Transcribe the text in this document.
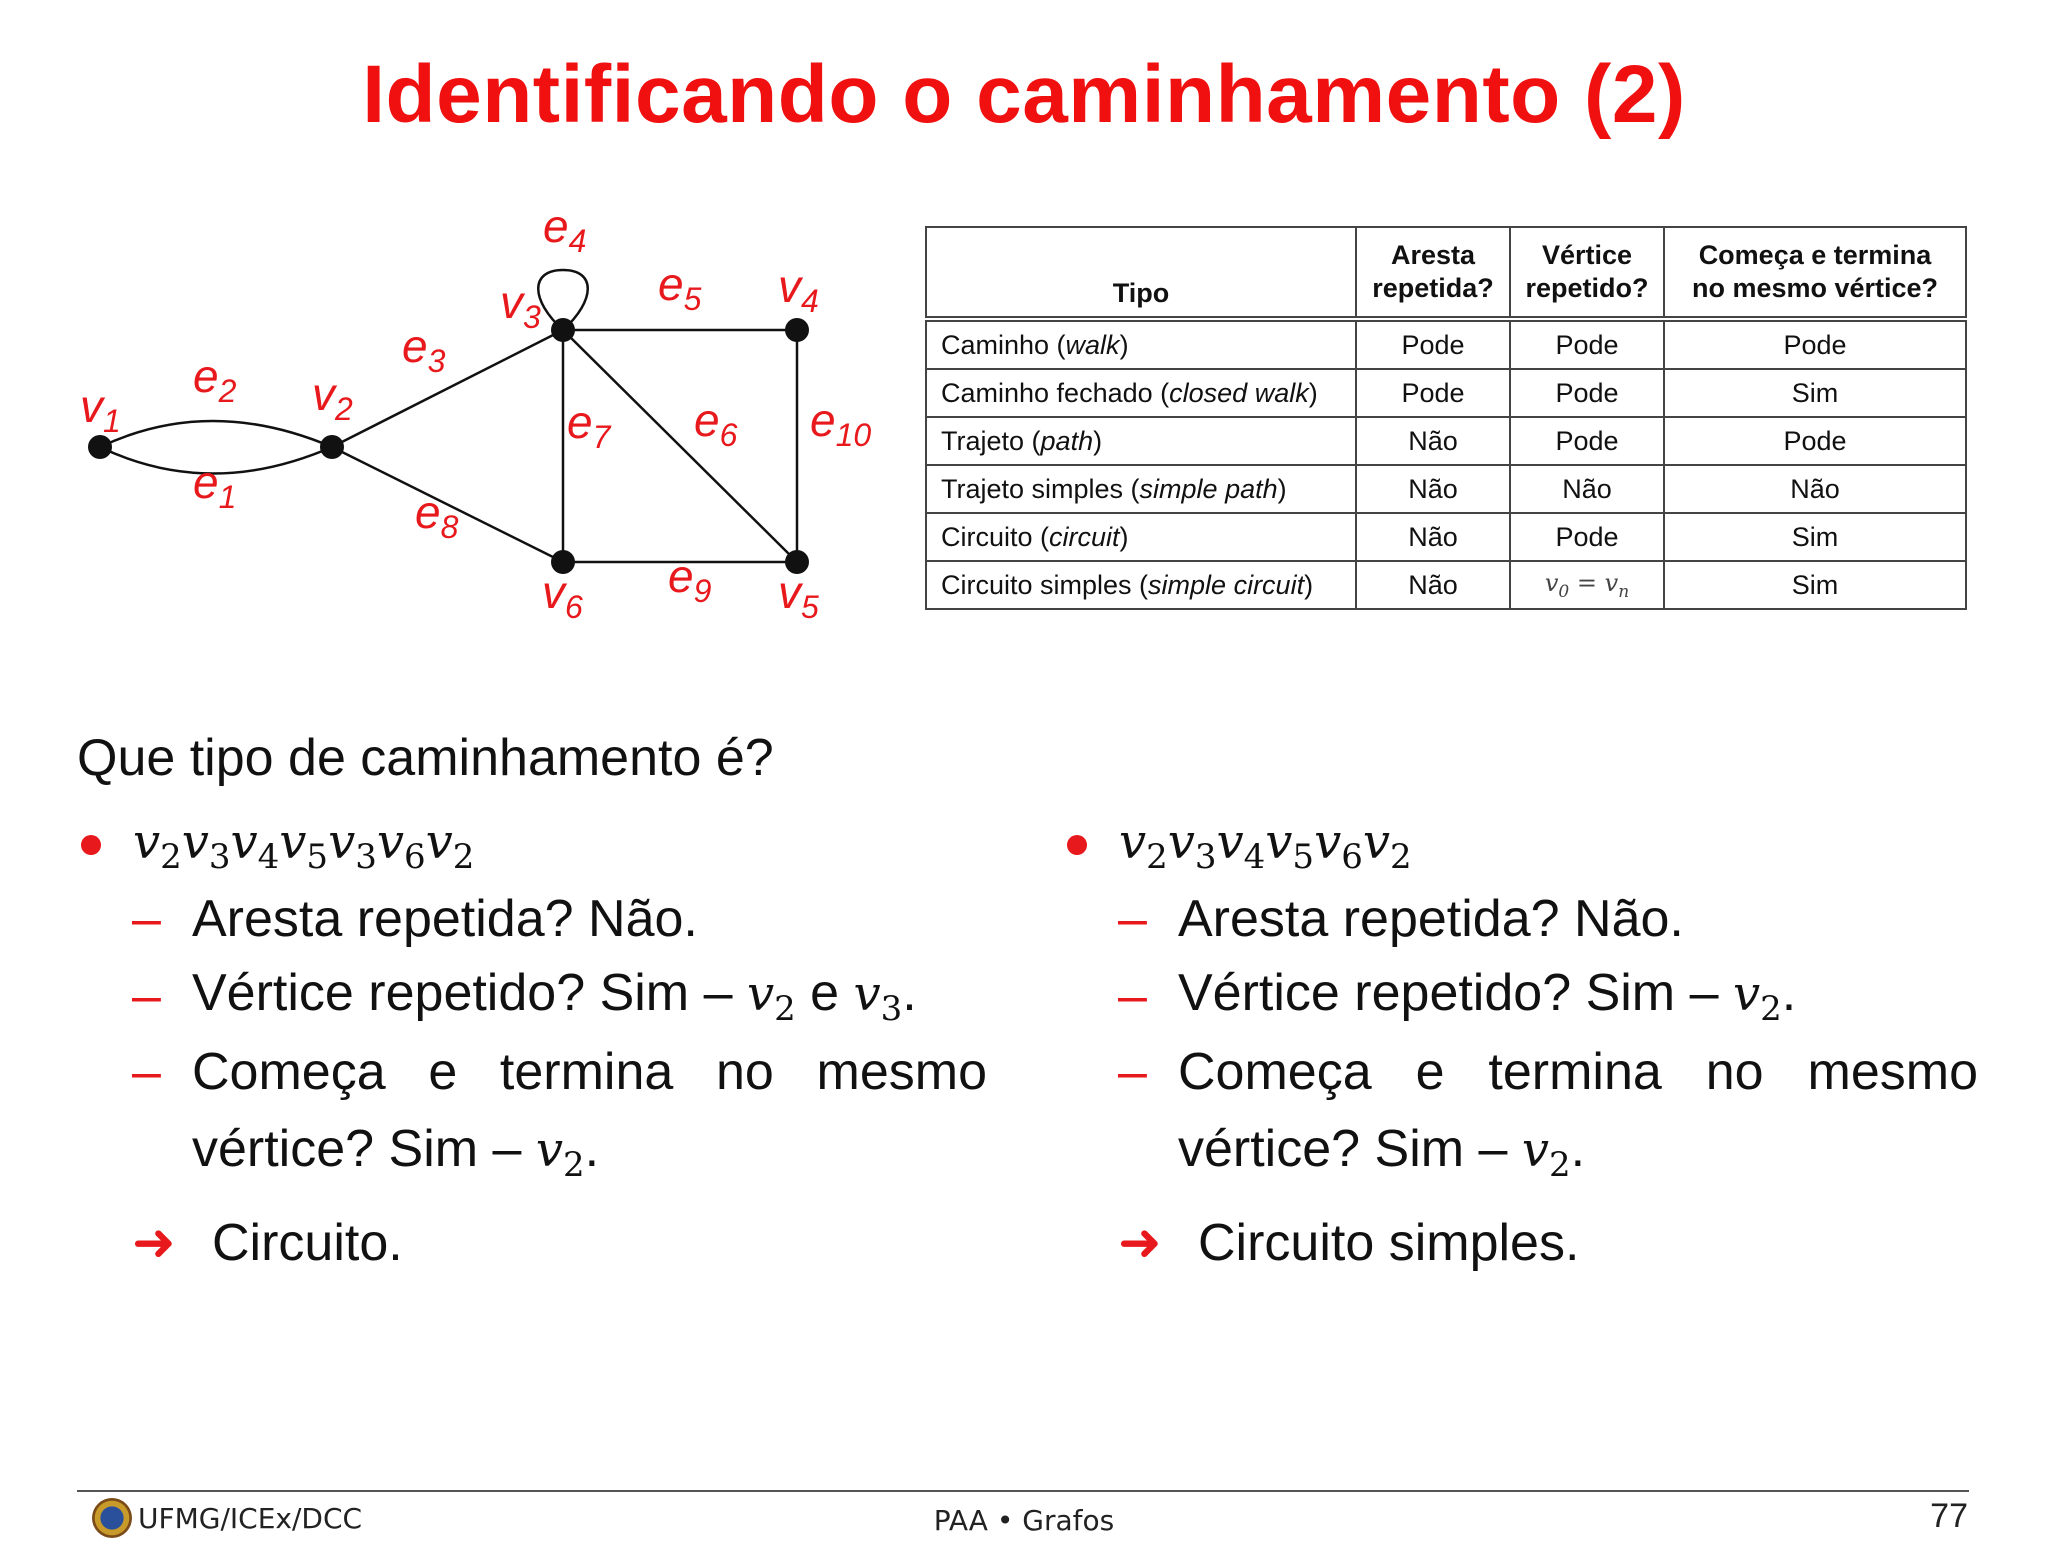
Identificando o caminhamento (2)
$v_1$
$v_2$
$v_3$
$v_4$
$v_5$
$v_6$
$e_1$
$e_2$
$e_3$
$e_4$
$e_5$
$e_6$
$e_7$
$e_8$
$e_9$
$e_{10}$
Tipo	Aresta repetida?	Vértice repetido?	Começa e termina no mesmo vértice?
Caminho (walk)	Pode	Pode	Pode
Caminho fechado (closed walk)	Pode	Pode	Sim
Trajeto (path)	Não	Pode	Pode
Trajeto simples (simple path)	Não	Não	Não
Circuito (circuit)	Não	Pode	Sim
Circuito simples (simple circuit)	Não	$v_0 = v_n$	Sim
Que tipo de caminhamento é?
$v_2v_3v_4v_5v_3v_6v_2$
– Aresta repetida? Não.
– Vértice repetido? Sim – $v_2$ e $v_3$.
– Começa e termina no mesmo vértice? Sim – $v_2$.
➜ Circuito.
$v_2v_3v_4v_5v_6v_2$
– Aresta repetida? Não.
– Vértice repetido? Sim – $v_2$.
– Começa e termina no mesmo vértice? Sim – $v_2$.
➜ Circuito simples.
UFMG/ICEx/DCC	PAA • Grafos	77
